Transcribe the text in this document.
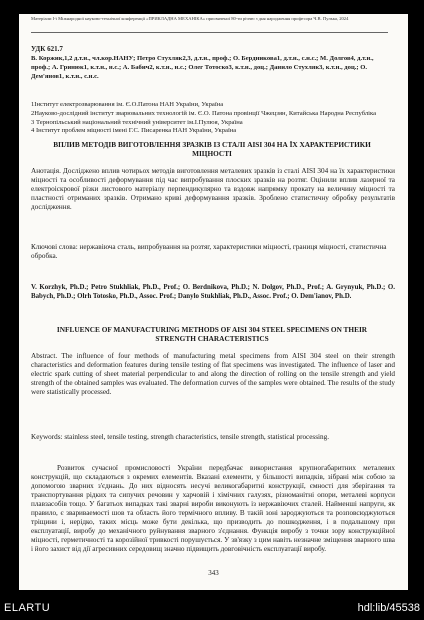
Матеріали I-ї Міжнародної науково-технічної конференції «ПРИКЛАДНА МЕХАНІКА» присвяченої 80-ти річчю з дня народження професора Ч.В. Пулька, 2024
УДК 621.7
В. Коржик,1,2 д.т.н., чл.кор.НАНУ; Петро Стухляк2,3, д.т.н., проф.; О. Бердникова1, д.т.н., с.н.с.; М. Долгов4, д.т.н., проф.; А. Гринюк1, к.т.н., н.с.; А. Бабич2, к.т.н., н.с.; Олег Тотоско3, к.т.н., доц.; Данило Стухляк3, к.т.н., доц.; О. Дем'янов1, к.т.н., с.н.с.

1Інститут електрозварювання ім. Є.О.Патона НАН України, Україна

2Науково-дослідний інститут зварювальних технологій ім. Є.О. Патона провінції Чжецзян, Китайська Народна Республіка

3 Тернопільський національний технічний університет ім.І.Пулюя, Україна

4 Інститут проблем міцності імені Г.С. Писаренка НАН України, Україна

ВПЛИВ МЕТОДІВ ВИГОТОВЛЕННЯ ЗРАЗКІВ ІЗ СТАЛІ AISI 304 НА ЇХ ХАРАКТЕРИСТИКИ МІЦНОСТІ
Анотація. Досліджено вплив чотирьох методів виготовлення металевих зразків із сталі AISI 304 на їх характеристики міцності та особливості деформування під час випробування плоских зразків на розтяг. Оцінили вплив лазерної та електроіскрової різки листового матеріалу перпендикулярно та вздовж напрямку прокату на величину міцності та пластності отриманих зразків. Отримано криві деформування зразків. Зроблено статистичну обробку результатів дослідження.
Ключові слова: нержавіюча сталь, випробування на розтяг, характеристики міцності, границя міцності, статистична обробка.
V. Korzhyk, Ph.D.; Petro Stukhliak, Ph.D., Prof.; O. Berdnikova, Ph.D.; N. Dolgov, Ph.D., Prof.; A. Grynyuk, Ph.D.; O. Babych, Ph.D.; Olrh Totosko, Ph.D., Assoc. Prof.; Danylo Stukhliak, Ph.D., Assoc. Prof.; O. Dem'ianov, Ph.D.
INFLUENCE OF MANUFACTURING METHODS OF AISI 304 STEEL SPECIMENS ON THEIR STRENGTH CHARACTERISTICS
Abstract. The influence of four methods of manufacturing metal specimens from AISI 304 steel on their strength characteristics and deformation features during tensile testing of flat specimens was investigated. The influence of laser and electric spark cutting of sheet material perpendicular to and along the direction of rolling on the tensile strength and yield strength of the obtained samples was evaluated. The deformation curves of the samples were obtained. The results of the study were statistically processed.
Keywords: stainless steel, tensile testing, strength characteristics, tensile strength, statistical processing.
Розвиток сучасної промисловості України передбачає використання крупногабаритних металевих конструкцій, що складаються з окремих елементів. Вказані елементи, у більшості випадків, зібрані між собою за допомогою зварних з'єднань. До них відносять несучі великогабаритні конструкції, ємності для зберігання та транспортування рідких та сипучих речовин у харчовій і хімічних галузях, різноманітні опори, металеві корпуси плавзасобів тощо. У багатьох випадках такі зварні вироби виконують із нержавіючих сталей. Найменші напруги, як правило, є звариваемості шов та область його термічного впливу. В такій зоні зароджуються та розповсюджуються тріщини і, нерідко, таких місць може бути декілька, що призводить до пошкодження, і в подальшому при експлуатації, виробу до механічного руйнування зварного з'єднання. Функція виробу з точки зору конструкційної міцності, герметичності та корозійної тривкості порушується. У зв'язку з цим навіть незначне зміщення зварного шва і його захист від дії агресивних середовищ значно підвищить довговічність експлуатації виробу.
343
ELARTU	hdl:lib/45538
